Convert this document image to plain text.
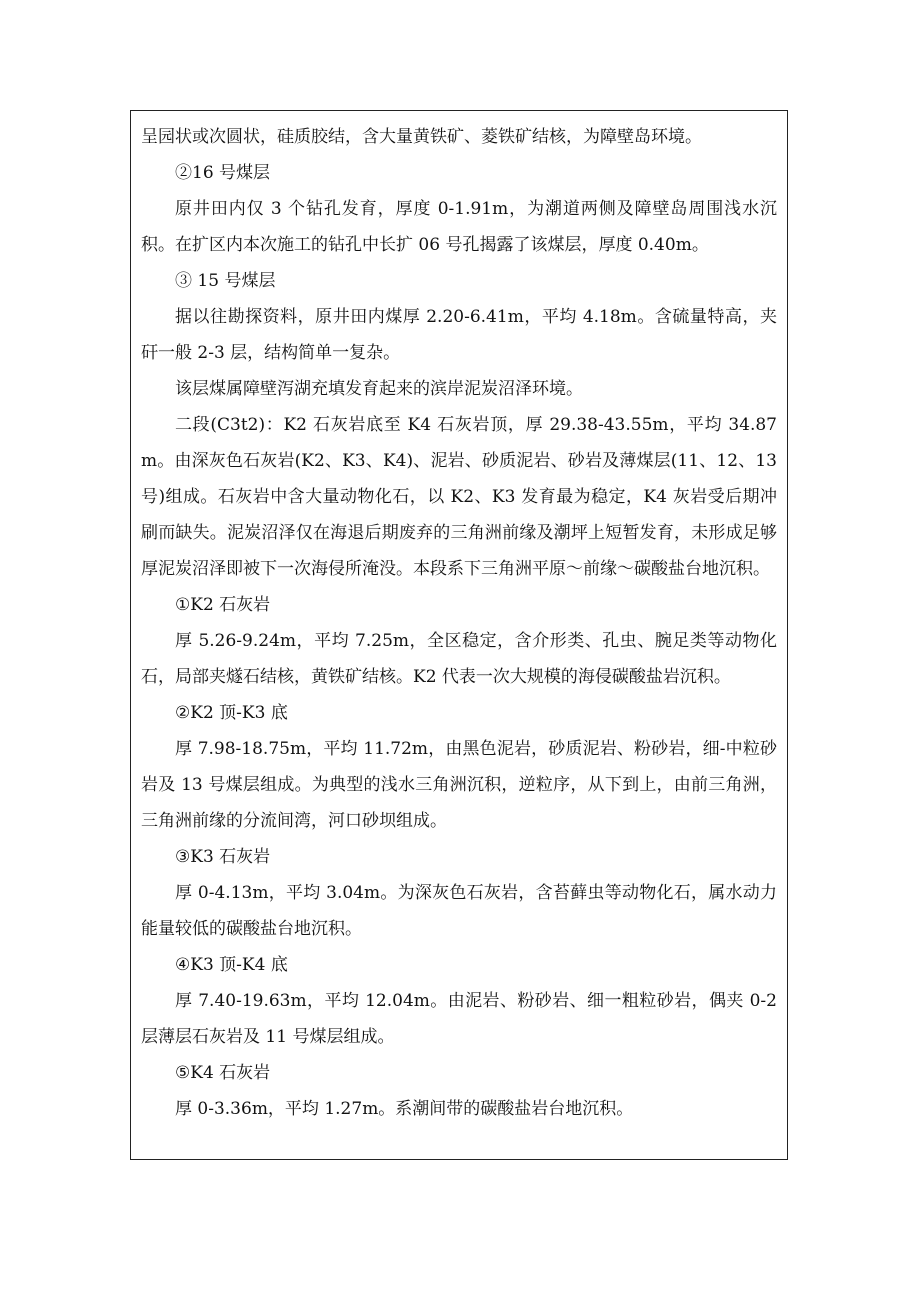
呈园状或次圆状，硅质胶结，含大量黄铁矿、菱铁矿结核，为障壁岛环境。

②16 号煤层

原井田内仅 3 个钻孔发育，厚度 0-1.91m，为潮道两侧及障壁岛周围浅水沉积。在扩区内本次施工的钻孔中长扩 06 号孔揭露了该煤层，厚度 0.40m。

③ 15 号煤层

据以往勘探资料，原井田内煤厚 2.20-6.41m，平均 4.18m。含硫量特高，夹矸一般 2-3 层，结构简单一复杂。

该层煤属障壁泻湖充填发育起来的滨岸泥炭沼泽环境。

二段(C3t2)：K2 石灰岩底至 K4 石灰岩顶，厚 29.38-43.55m，平均 34.87m。由深灰色石灰岩(K2、K3、K4)、泥岩、砂质泥岩、砂岩及薄煤层(11、12、13 号)组成。石灰岩中含大量动物化石，以 K2、K3 发育最为稳定，K4 灰岩受后期冲刷而缺失。泥炭沼泽仅在海退后期废弃的三角洲前缘及潮坪上短暂发育，未形成足够厚泥炭沼泽即被下一次海侵所淹没。本段系下三角洲平原～前缘～碳酸盐台地沉积。

①K2 石灰岩

厚 5.26-9.24m，平均 7.25m，全区稳定，含介形类、孔虫、腕足类等动物化石，局部夹燧石结核，黄铁矿结核。K2 代表一次大规模的海侵碳酸盐岩沉积。

②K2 顶-K3 底

厚 7.98-18.75m，平均 11.72m，由黑色泥岩，砂质泥岩、粉砂岩，细-中粒砂岩及 13 号煤层组成。为典型的浅水三角洲沉积，逆粒序，从下到上，由前三角洲，三角洲前缘的分流间湾，河口砂坝组成。

③K3 石灰岩

厚 0-4.13m，平均 3.04m。为深灰色石灰岩，含苔藓虫等动物化石，属水动力能量较低的碳酸盐台地沉积。

④K3 顶-K4 底

厚 7.40-19.63m，平均 12.04m。由泥岩、粉砂岩、细一粗粒砂岩，偶夹 0-2 层薄层石灰岩及 11 号煤层组成。

⑤K4 石灰岩

厚 0-3.36m，平均 1.27m。系潮间带的碳酸盐岩台地沉积。
